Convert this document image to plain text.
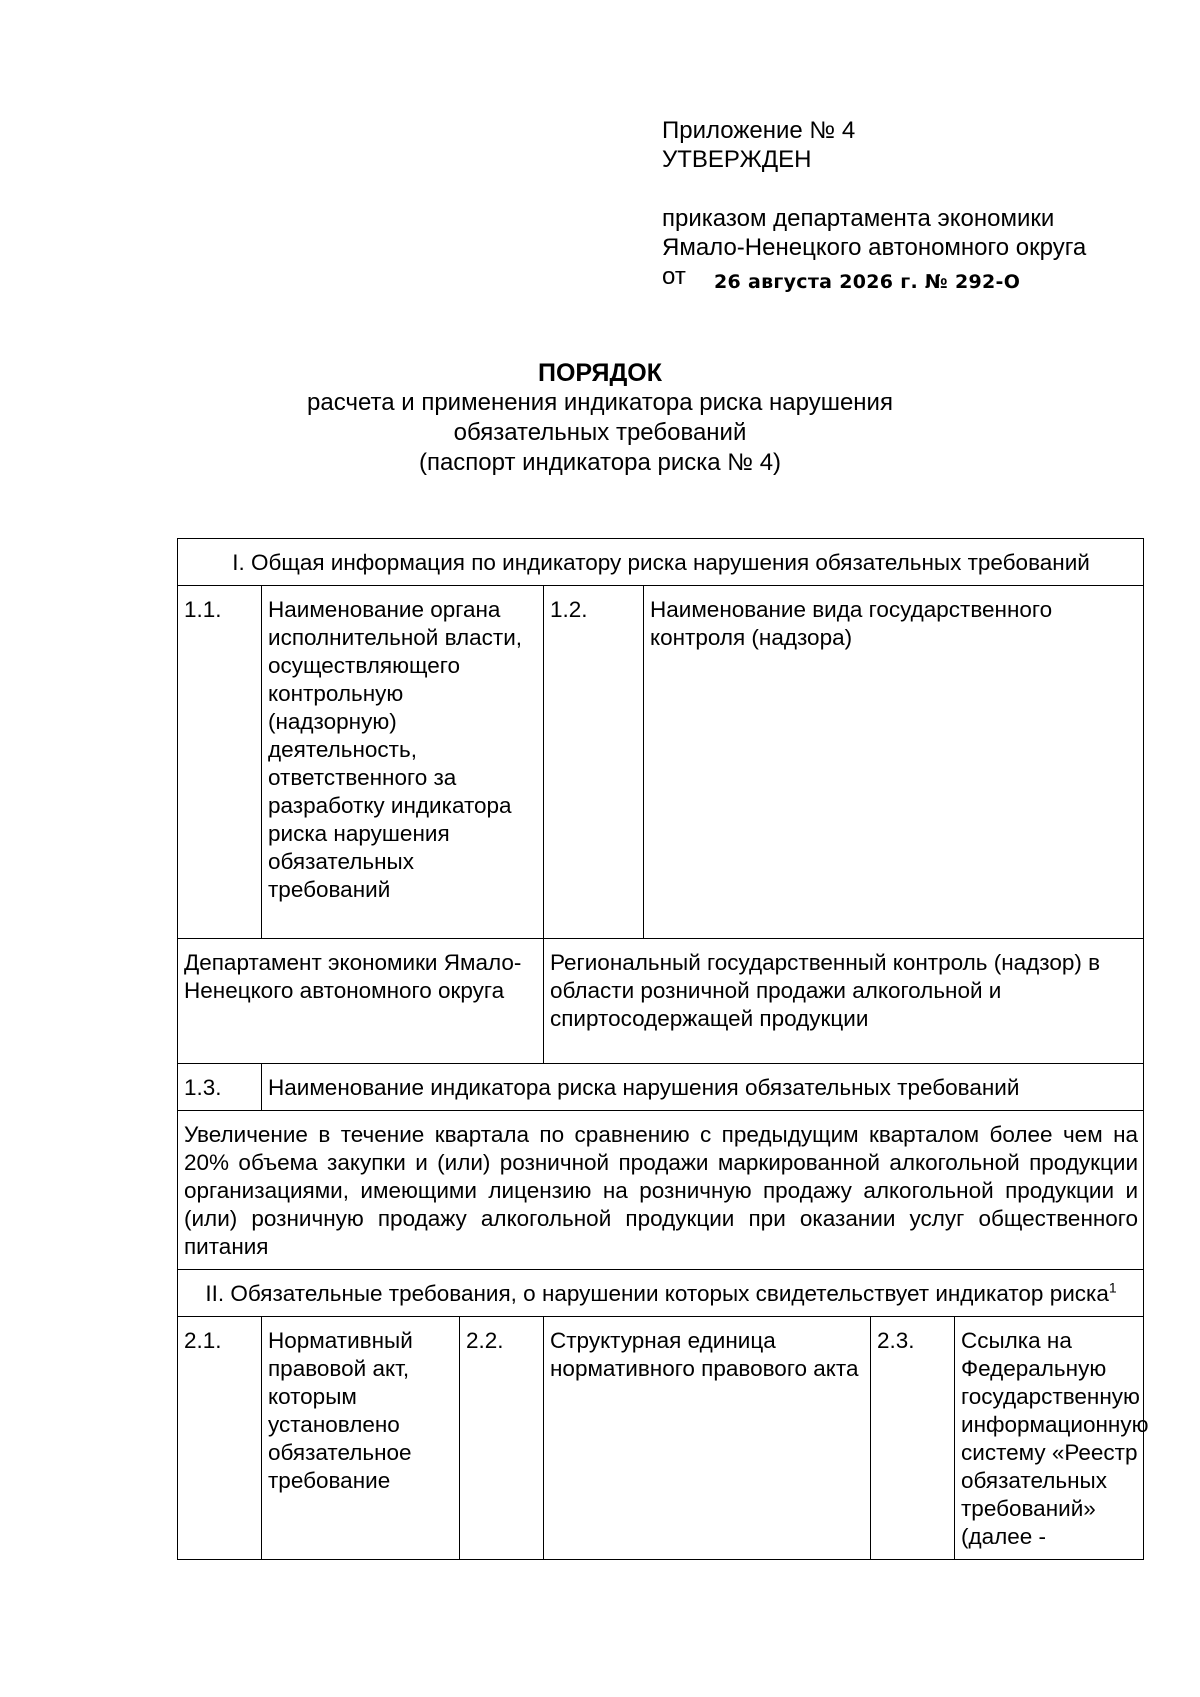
Приложение № 4
УТВЕРЖДЕН
приказом департамента экономики
Ямало-Ненецкого автономного округа
от 26 августа 2026 г. № 292-О
ПОРЯДОК
расчета и применения индикатора риска нарушения
обязательных требований
(паспорт индикатора риска № 4)
I. Общая информация по индикатору риска нарушения обязательных требований						
1.1.	Наименование органа исполнительной власти, осуществляющего контрольную (надзорную) деятельность, ответственного за разработку индикатора риска нарушения обязательных требований		1.2.	Наименование вида государственного контроля (надзора)		
Департамент экономики Ямало-Ненецкого автономного округа			Региональный государственный контроль (надзор) в области розничной продажи алкогольной и спиртосодержащей продукции			
1.3.	Наименование индикатора риска нарушения обязательных требований					
Увеличение в течение квартала по сравнению с предыдущим кварталом более чем на 20% объема закупки и (или) розничной продажи маркированной алкогольной продукции организациями, имеющими лицензию на розничную продажу алкогольной продукции и (или) розничную продажу алкогольной продукции при оказании услуг общественного питания						
II. Обязательные требования, о нарушении которых свидетельствует индикатор риска$^1$
2.1.	Нормативный правовой акт, которым установлено обязательное требование	2.2.	Структурная единица нормативного правового акта		2.3.	Ссылка на Федеральную государственную информационную систему «Реестр обязательных требований» (далее -
